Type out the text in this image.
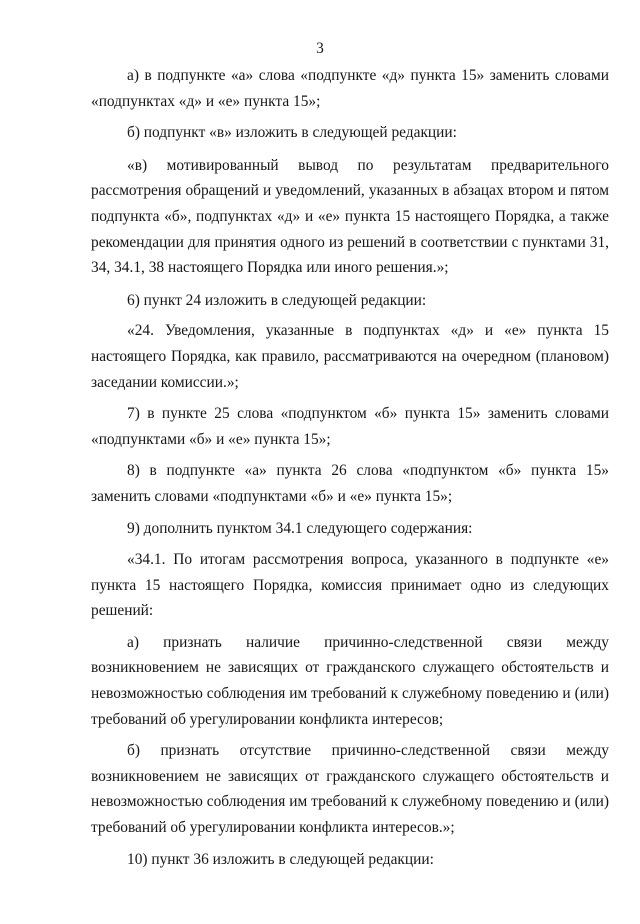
3

а) в подпункте «а» слова «подпункте «д» пункта 15» заменить словами «подпунктах «д» и «е» пункта 15»;

б) подпункт «в» изложить в следующей редакции:

«в) мотивированный вывод по результатам предварительного рассмотрения обращений и уведомлений, указанных в абзацах втором и пятом подпункта «б», подпунктах «д» и «е» пункта 15 настоящего Порядка, а также рекомендации для принятия одного из решений в соответствии с пунктами 31, 34, 34.1, 38 настоящего Порядка или иного решения.»;

6) пункт 24 изложить в следующей редакции:

«24. Уведомления, указанные в подпунктах «д» и «е» пункта 15 настоящего Порядка, как правило, рассматриваются на очередном (плановом) заседании комиссии.»;

7) в пункте 25 слова «подпунктом «б» пункта 15» заменить словами «подпунктами «б» и «е» пункта 15»;

8) в подпункте «а» пункта 26 слова «подпунктом «б» пункта 15» заменить словами «подпунктами «б» и «е» пункта 15»;

9) дополнить пунктом 34.1 следующего содержания:

«34.1. По итогам рассмотрения вопроса, указанного в подпункте «е» пункта 15 настоящего Порядка, комиссия принимает одно из следующих решений:

а) признать наличие причинно-следственной связи между возникновением не зависящих от гражданского служащего обстоятельств и невозможностью соблюдения им требований к служебному поведению и (или) требований об урегулировании конфликта интересов;

б) признать отсутствие причинно-следственной связи между возникновением не зависящих от гражданского служащего обстоятельств и невозможностью соблюдения им требований к служебному поведению и (или) требований об урегулировании конфликта интересов.»;

10) пункт 36 изложить в следующей редакции:
